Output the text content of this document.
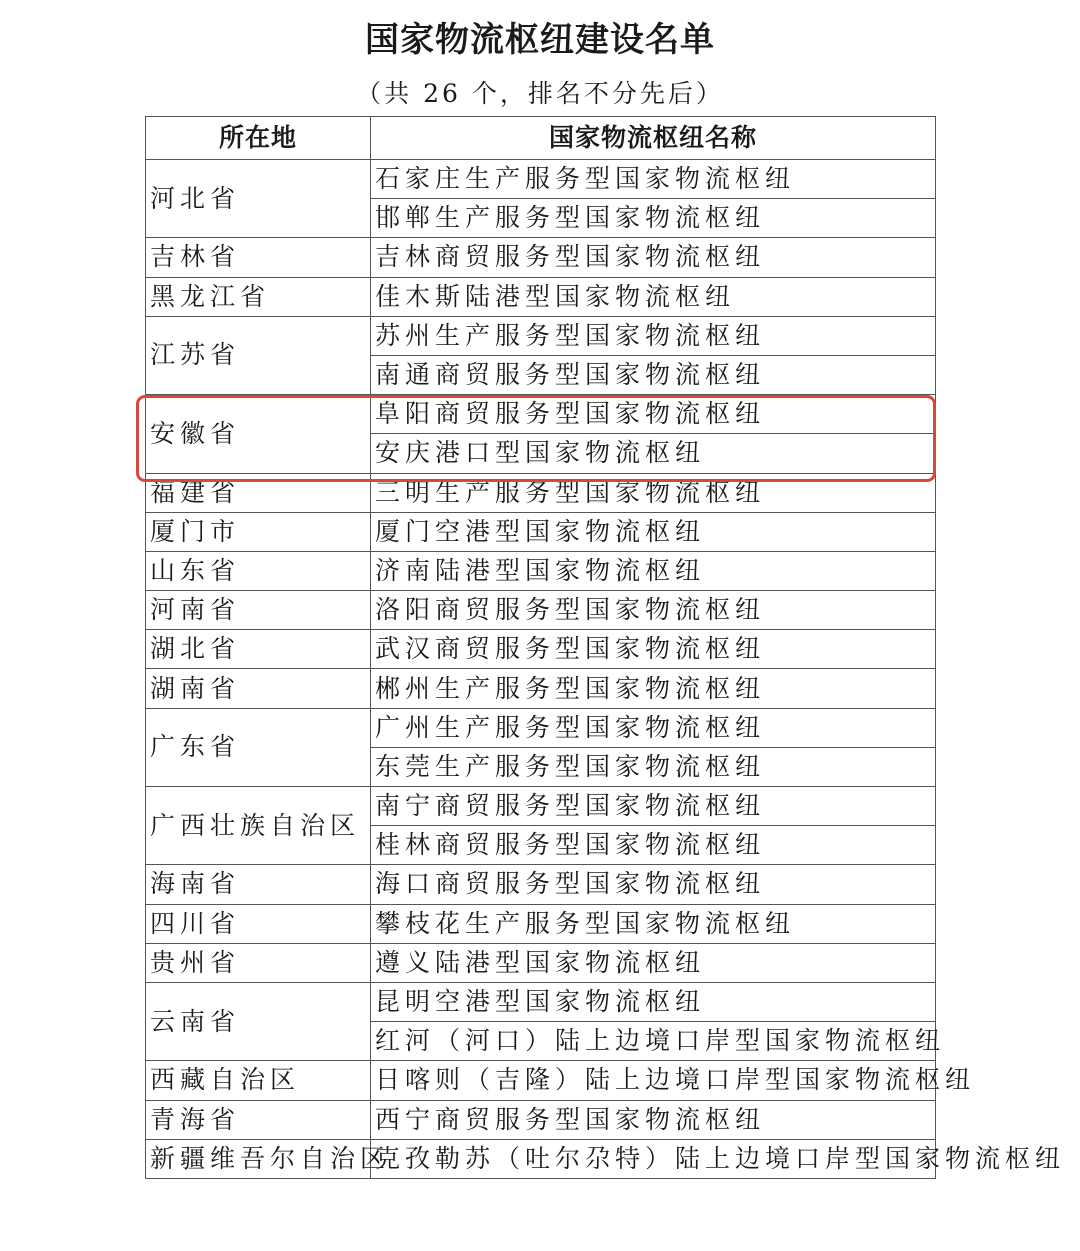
国家物流枢纽建设名单
（共 26 个，排名不分先后）
所在地	国家物流枢纽名称
河北省	石家庄生产服务型国家物流枢纽
	邯郸生产服务型国家物流枢纽
吉林省	吉林商贸服务型国家物流枢纽
黑龙江省	佳木斯陆港型国家物流枢纽
江苏省	苏州生产服务型国家物流枢纽
	南通商贸服务型国家物流枢纽
安徽省	阜阳商贸服务型国家物流枢纽
	安庆港口型国家物流枢纽
福建省	三明生产服务型国家物流枢纽
厦门市	厦门空港型国家物流枢纽
山东省	济南陆港型国家物流枢纽
河南省	洛阳商贸服务型国家物流枢纽
湖北省	武汉商贸服务型国家物流枢纽
湖南省	郴州生产服务型国家物流枢纽
广东省	广州生产服务型国家物流枢纽
	东莞生产服务型国家物流枢纽
广西壮族自治区	南宁商贸服务型国家物流枢纽
	桂林商贸服务型国家物流枢纽
海南省	海口商贸服务型国家物流枢纽
四川省	攀枝花生产服务型国家物流枢纽
贵州省	遵义陆港型国家物流枢纽
云南省	昆明空港型国家物流枢纽
	红河（河口）陆上边境口岸型国家物流枢纽
西藏自治区	日喀则（吉隆）陆上边境口岸型国家物流枢纽
青海省	西宁商贸服务型国家物流枢纽
新疆维吾尔自治区	克孜勒苏（吐尔尕特）陆上边境口岸型国家物流枢纽
